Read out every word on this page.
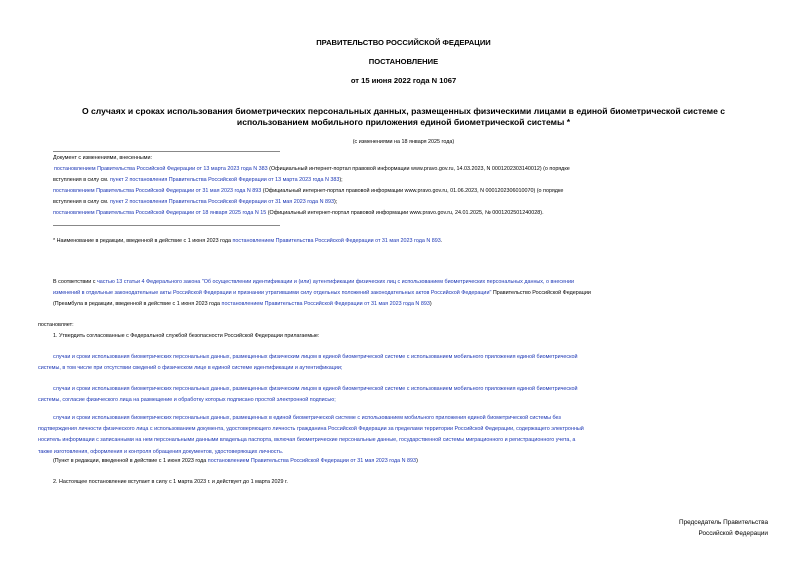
ПРАВИТЕЛЬСТВО РОССИЙСКОЙ ФЕДЕРАЦИИ
ПОСТАНОВЛЕНИЕ
от 15 июня 2022 года N 1067
О случаях и сроках использования биометрических персональных данных, размещенных физическими лицами в единой биометрической системе с
использованием мобильного приложения единой биометрической системы *
(с изменениями на 18 января 2025 года)
Документ с изменениями, внесенными:
постановлением Правительства Российской Федерации от 13 марта 2023 года N 383 (Официальный интернет-портал правовой информации www.pravo.gov.ru, 14.03.2023, N 0001202303140012) (о порядке
вступления в силу см. пункт 2 постановления Правительства Российской Федерации от 13 марта 2023 года N 383);
постановлением Правительства Российской Федерации от 31 мая 2023 года N 893 (Официальный интернет-портал правовой информации www.pravo.gov.ru, 01.06.2023, N 0001202306010070) (о порядке
вступления в силу см. пункт 2 постановления Правительства Российской Федерации от 31 мая 2023 года N 893);
постановлением Правительства Российской Федерации от 18 января 2025 года N 15 (Официальный интернет-портал правовой информации www.pravo.gov.ru, 24.01.2025, № 0001202501240028).
* Наименование в редакции, введенной в действие с 1 июня 2023 года постановлением Правительства Российской Федерации от 31 мая 2023 года N 893.
В соответствии с частью 13 статьи 4 Федерального закона "Об осуществлении идентификации и (или) аутентификации физических лиц с использованием биометрических персональных данных, о внесении
изменений в отдельные законодательные акты Российской Федерации и признании утратившими силу отдельных положений законодательных актов Российской Федерации" Правительство Российской Федерации
(Преамбула в редакции, введенной в действие с 1 июня 2023 года постановлением Правительства Российской Федерации от 31 мая 2023 года N 893)
постановляет:
1. Утвердить согласованные с Федеральной службой безопасности Российской Федерации прилагаемые:
случаи и сроки использования биометрических персональных данных, размещенных физическим лицом в единой биометрической системе с использованием мобильного приложения единой биометрической
системы, в том числе при отсутствии сведений о физическом лице в единой системе идентификации и аутентификации;
случаи и сроки использования биометрических персональных данных, размещенных физическим лицом в единой биометрической системе с использованием мобильного приложения единой биометрической
системы, согласие физического лица на размещение и обработку которых подписано простой электронной подписью;
случаи и сроки использования биометрических персональных данных, размещенных в единой биометрической системе с использованием мобильного приложения единой биометрической системы без
подтверждения личности физического лица с использованием документа, удостоверяющего личность гражданина Российской Федерации за пределами территории Российской Федерации, содержащего электронный
носитель информации с записанными на нем персональными данными владельца паспорта, включая биометрические персональные данные, государственной системы миграционного и регистрационного учета, а
также изготовления, оформления и контроля обращения документов, удостоверяющих личность.
(Пункт в редакции, введенной в действие с 1 июня 2023 года постановлением Правительства Российской Федерации от 31 мая 2023 года N 893)
2. Настоящее постановление вступает в силу с 1 марта 2023 г. и действует до 1 марта 2029 г.
Председатель Правительства
Российской Федерации
